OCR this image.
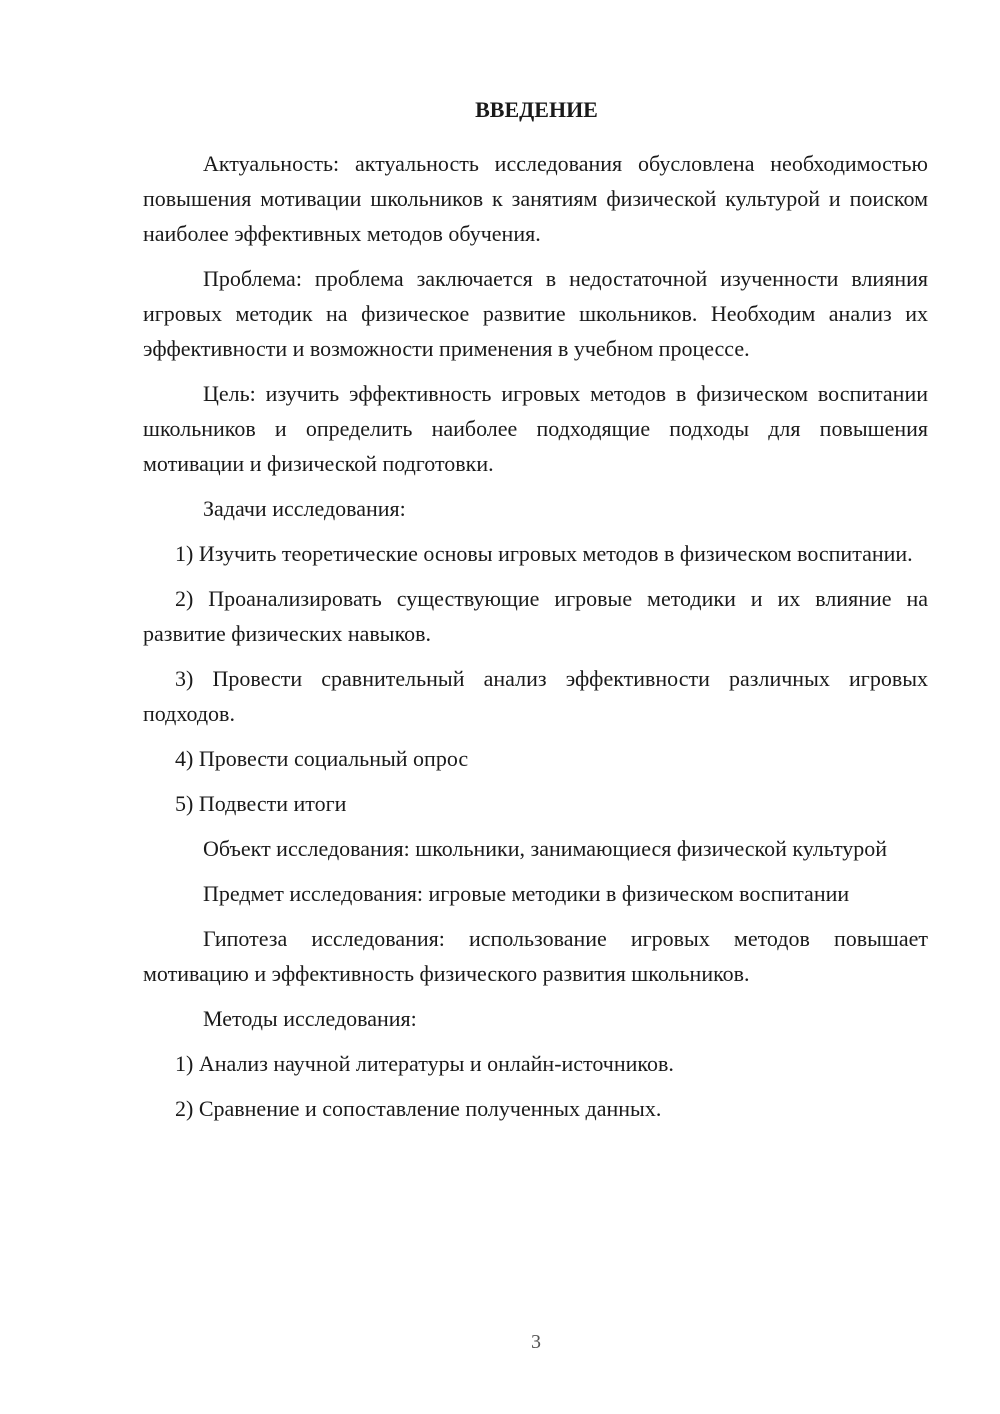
ВВЕДЕНИЕ

Актуальность: актуальность исследования обусловлена необходимостью повышения мотивации школьников к занятиям физической культурой и поиском наиболее эффективных методов обучения.

Проблема: проблема заключается в недостаточной изученности влияния игровых методик на физическое развитие школьников. Необходим анализ их эффективности и возможности применения в учебном процессе.

Цель: изучить эффективность игровых методов в физическом воспитании школьников и определить наиболее подходящие подходы для повышения мотивации и физической подготовки.

Задачи исследования:

1) Изучить теоретические основы игровых методов в физическом воспитании.

2) Проанализировать существующие игровые методики и их влияние на развитие физических навыков.

3) Провести сравнительный анализ эффективности различных игровых подходов.

4) Провести социальный опрос

5) Подвести итоги

Объект исследования: школьники, занимающиеся физической культурой

Предмет исследования: игровые методики в физическом воспитании

Гипотеза исследования: использование игровых методов повышает мотивацию и эффективность физического развития школьников.

Методы исследования:

1) Анализ научной литературы и онлайн-источников.

2) Сравнение и сопоставление полученных данных.

3
